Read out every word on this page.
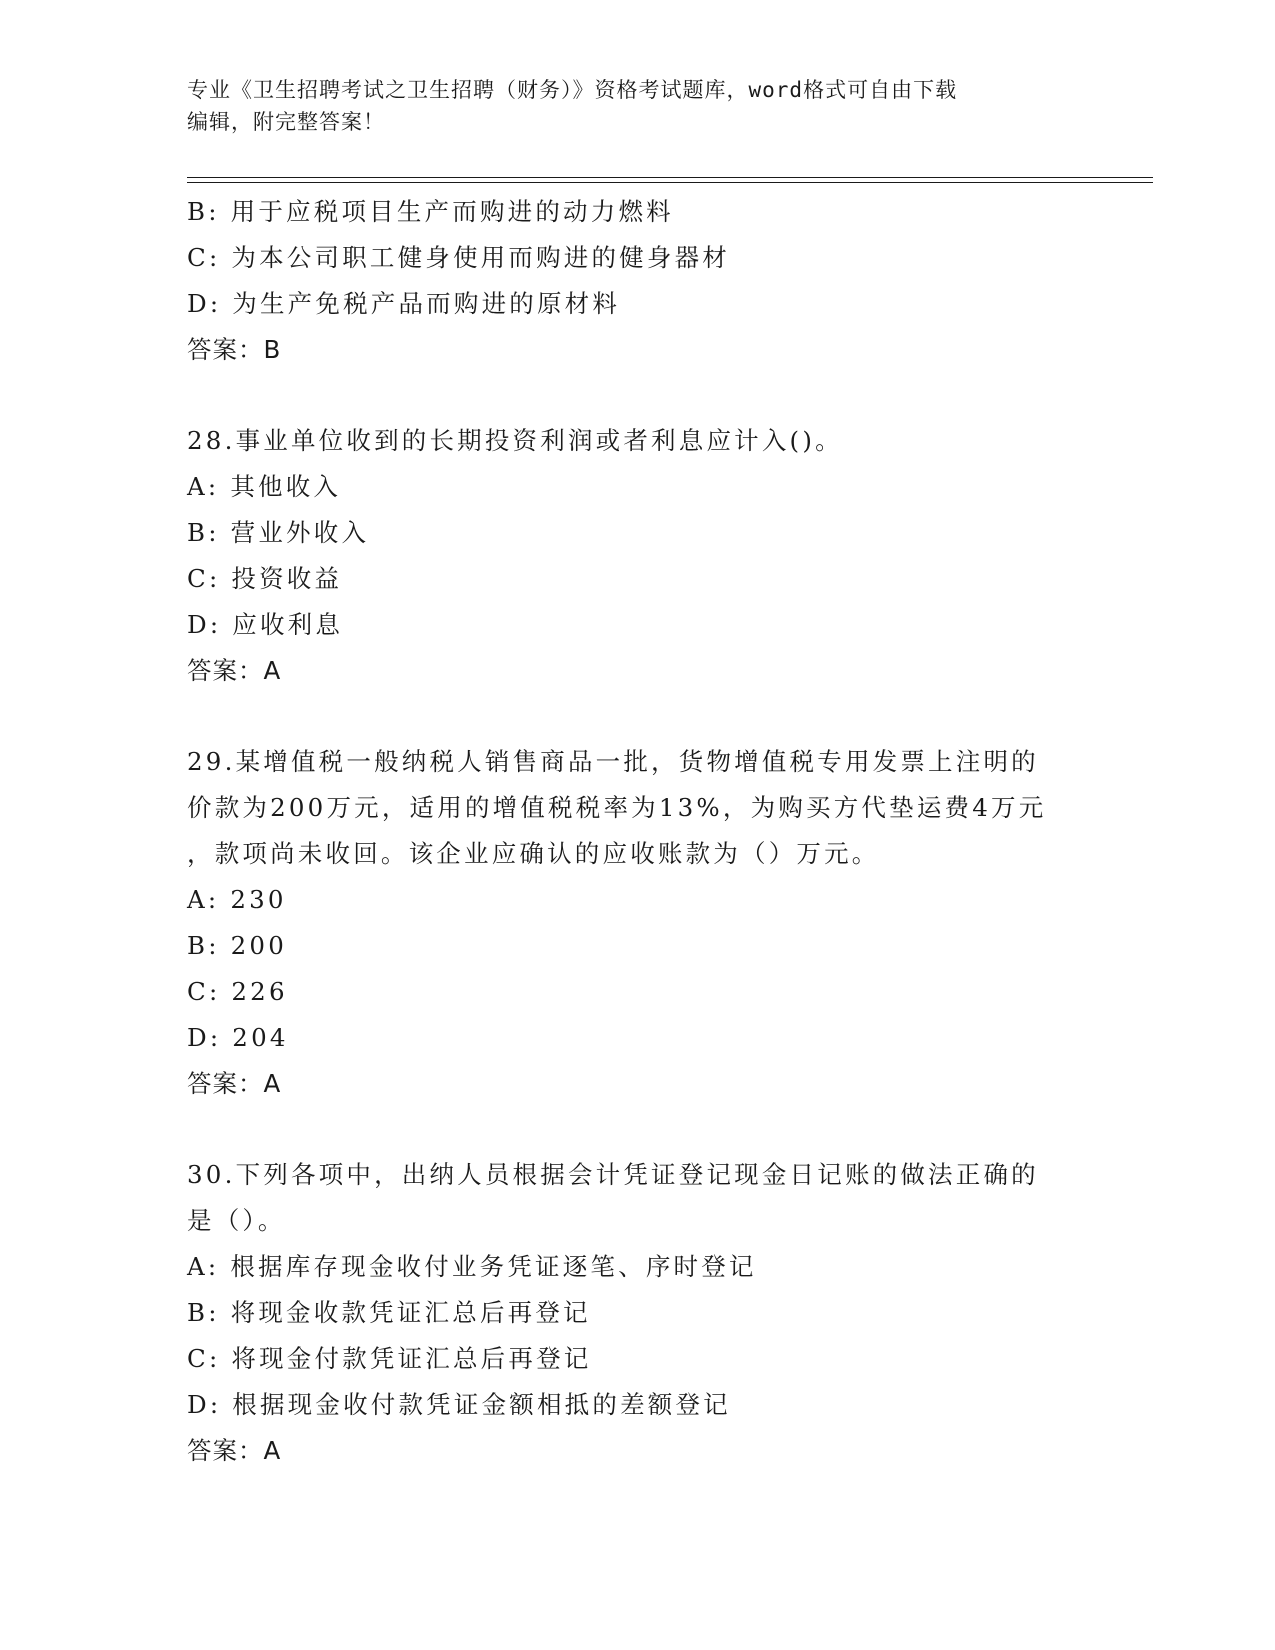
专业《卫生招聘考试之卫生招聘（财务）》资格考试题库，word格式可自由下载
编辑，附完整答案！
B: 用于应税项目生产而购进的动力燃料
C: 为本公司职工健身使用而购进的健身器材
D: 为生产免税产品而购进的原材料
答案：B
28.事业单位收到的长期投资利润或者利息应计入()。
A: 其他收入
B: 营业外收入
C: 投资收益
D: 应收利息
答案：A
29.某增值税一般纳税人销售商品一批，货物增值税专用发票上注明的
价款为200万元，适用的增值税税率为13%，为购买方代垫运费4万元
，款项尚未收回。该企业应确认的应收账款为（）万元。
A: 230
B: 200
C: 226
D: 204
答案：A
30.下列各项中，出纳人员根据会计凭证登记现金日记账的做法正确的
是（）。
A: 根据库存现金收付业务凭证逐笔、序时登记
B: 将现金收款凭证汇总后再登记
C: 将现金付款凭证汇总后再登记
D: 根据现金收付款凭证金额相抵的差额登记
答案：A
